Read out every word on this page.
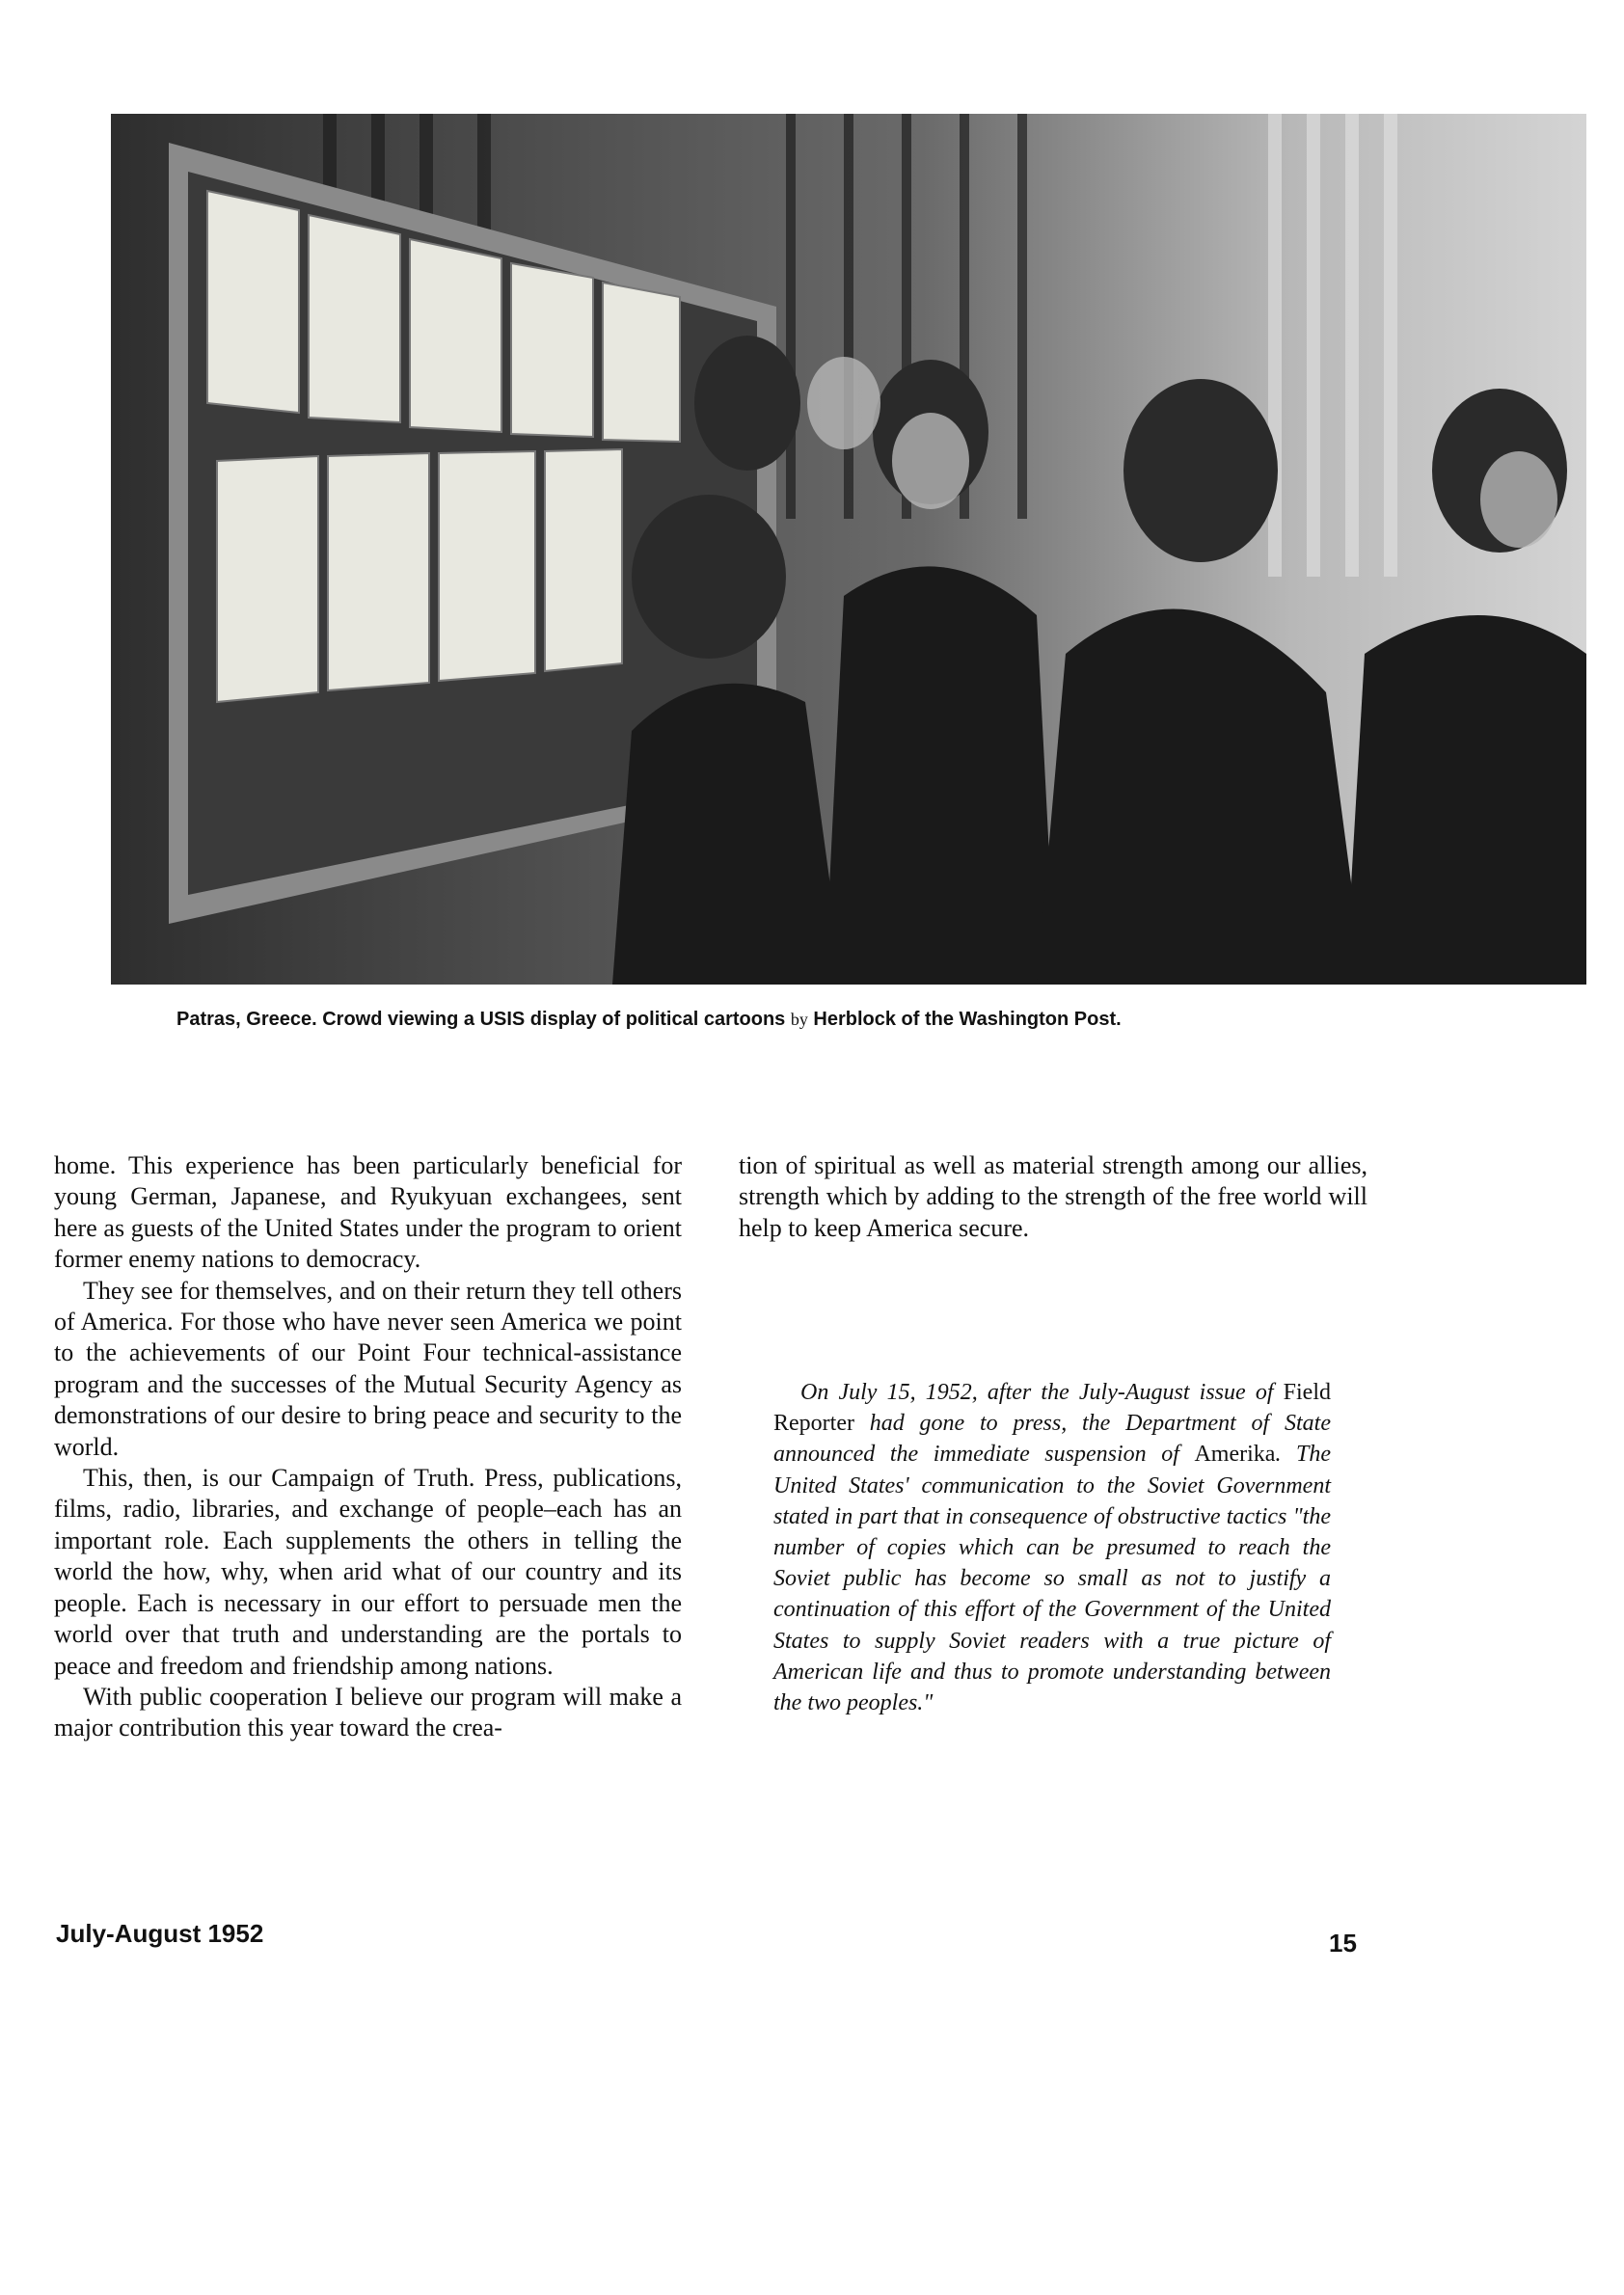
Patras, Greece. Crowd viewing a USIS display of political cartoons by Herblock of the Washington Post.

home. This experience has been particularly beneficial for young German, Japanese, and Ryukyuan exchangees, sent here as guests of the United States under the program to orient former enemy nations to democracy.

They see for themselves, and on their return they tell others of America. For those who have never seen America we point to the achievements of our Point Four technical-assistance program and the successes of the Mutual Security Agency as demonstrations of our desire to bring peace and security to the world.

This, then, is our Campaign of Truth. Press, publications, films, radio, libraries, and exchange of people–each has an important role. Each supplements the others in telling the world the how, why, when arid what of our country and its people. Each is necessary in our effort to persuade men the world over that truth and understanding are the portals to peace and freedom and friendship among nations.

With public cooperation I believe our program will make a major contribution this year toward the crea-

tion of spiritual as well as material strength among our allies, strength which by adding to the strength of the free world will help to keep America secure.

On July 15, 1952, after the July-August issue of Field Reporter had gone to press, the Department of State announced the immediate suspension of Amerika. The United States' communication to the Soviet Government stated in part that in consequence of obstructive tactics "the number of copies which can be presumed to reach the Soviet public has become so small as not to justify a continuation of this effort of the Government of the United States to supply Soviet readers with a true picture of American life and thus to promote understanding between the two peoples."

July-August 1952	15
